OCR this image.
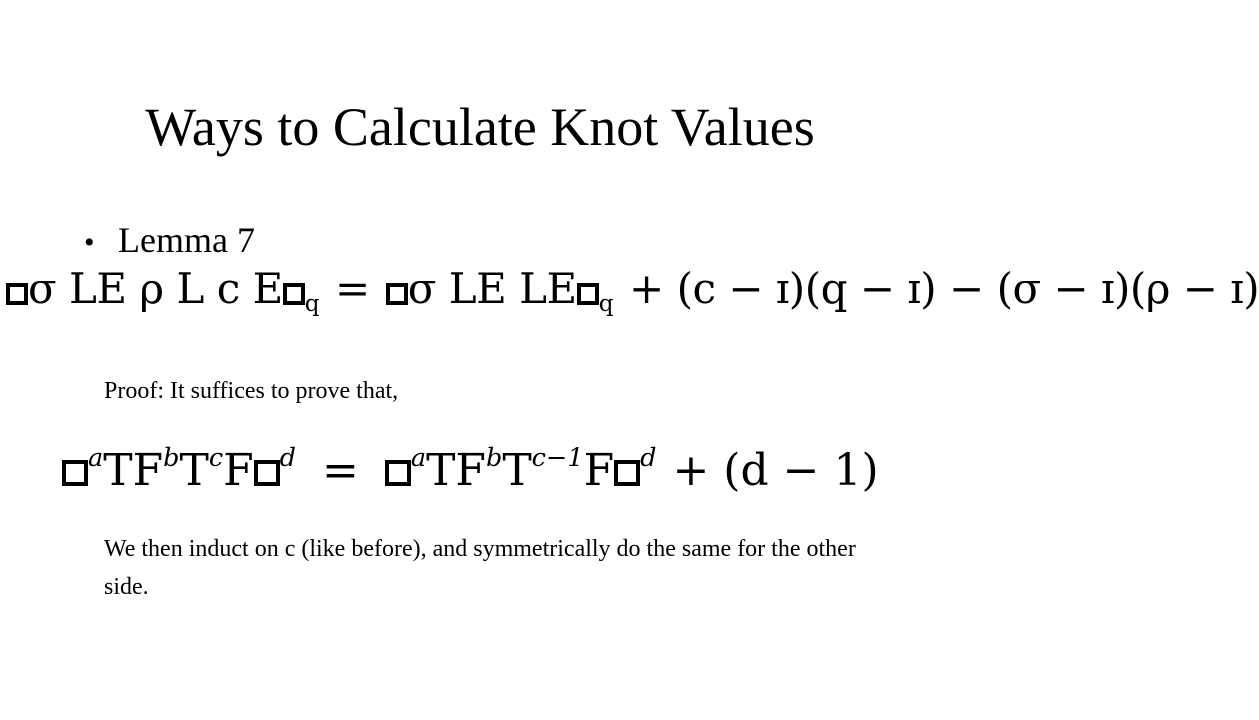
Ways to Calculate Knot Values
• Lemma 7
σ LE ρ L c E $_q$ = σ LE LE $_q$ + (c − ɪ)(q − ɪ) − (σ − ɪ)(ρ − ɪ)
Proof: It suffices to prove that,
$^aTF^bT^cF$ $^d = ^aTF^bT^{c-1}F$ $^d$ + (d − 1)
We then induct on c (like before), and symmetrically do the same for the other side.
